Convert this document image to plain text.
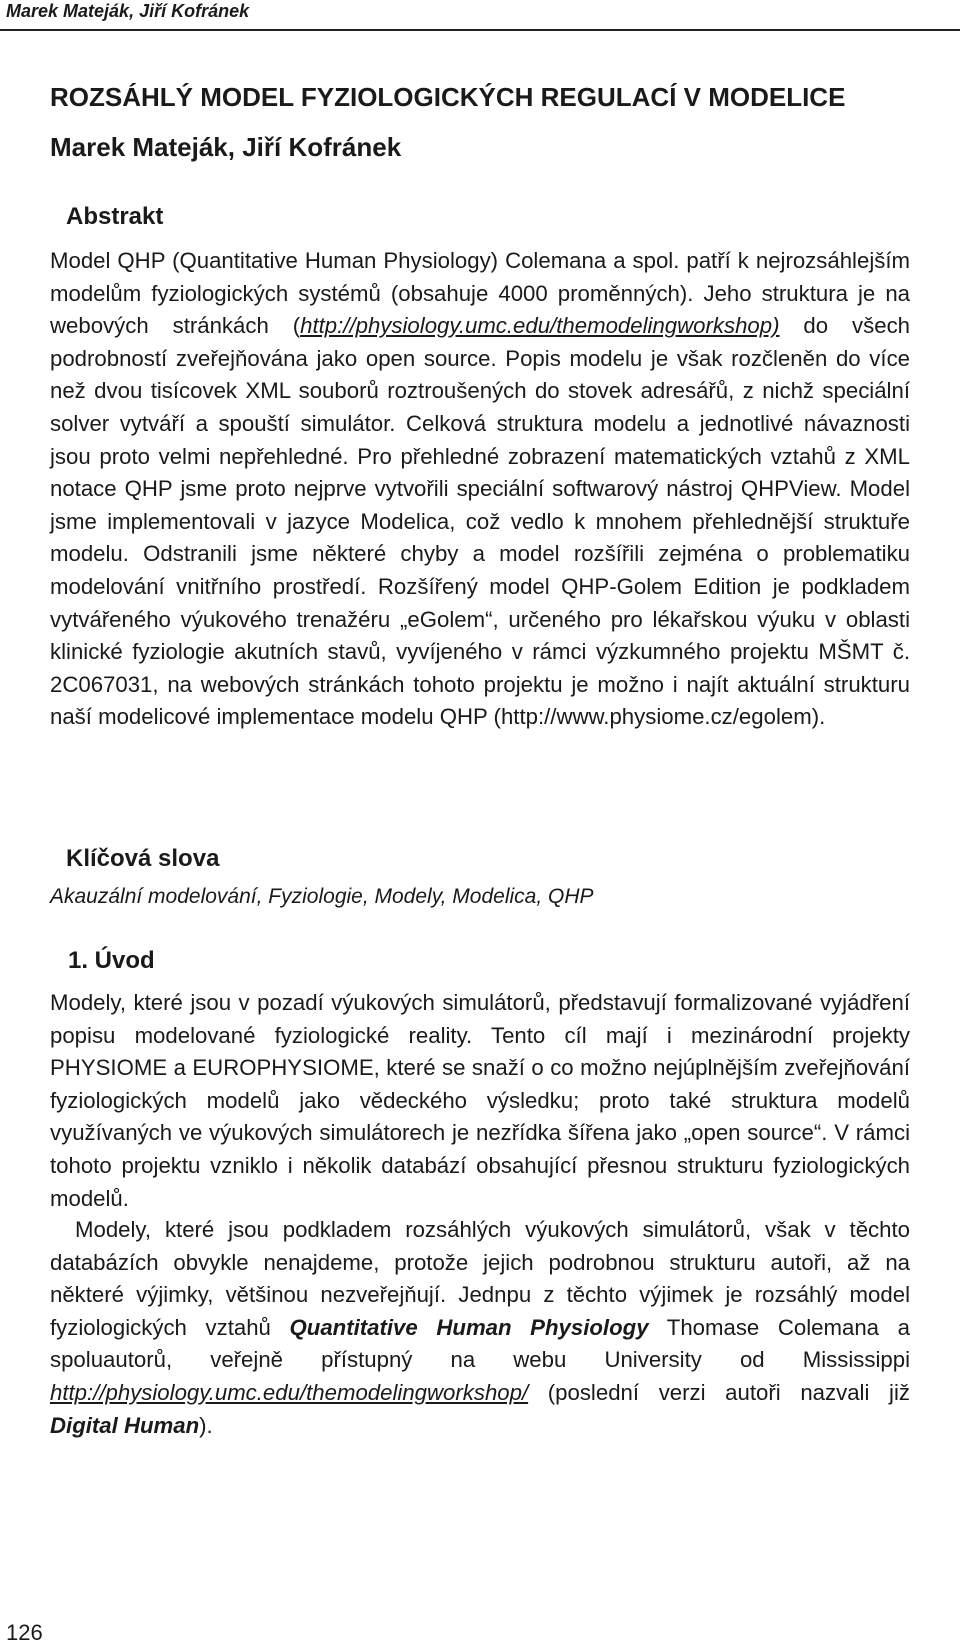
Marek Mateják, Jiří Kofránek
ROZSÁHLÝ MODEL FYZIOLOGICKÝCH REGULACÍ V MODELICE
Marek Mateják, Jiří Kofránek
Abstrakt

Model QHP (Quantitative Human Physiology) Colemana a spol. patří k nejrozsáhlejším modelům fyziologických systémů (obsahuje 4000 proměnných). Jeho struktura je na webových stránkách (http://physiology.umc.edu/themodelingworkshop) do všech podrobností zveřejňována jako open source. Popis modelu je však rozčleněn do více než dvou tisícovek XML souborů roztroušených do stovek adresářů, z nichž speciální solver vytváří a spouští simulátor. Celková struktura modelu a jednotlivé návaznosti jsou proto velmi nepřehledné. Pro přehledné zobrazení matematických vztahů z XML notace QHP jsme proto nejprve vytvořili speciální softwarový nástroj QHPView. Model jsme implementovali v jazyce Modelica, což vedlo k mnohem přehlednější struktuře modelu. Odstranili jsme některé chyby a model rozšířili zejména o problematiku modelování vnitřního prostředí. Rozšířený model QHP-Golem Edition je podkladem vytvářeného výukového trenažéru „eGolem“, určeného pro lékařskou výuku v oblasti klinické fyziologie akutních stavů, vyvíjeného v rámci výzkumného projektu MŠMT č. 2C067031, na webových stránkách tohoto projektu je možno i najít aktuální strukturu naší modelicové implementace modelu QHP (http://www.physiome.cz/egolem).

Klíčová slova
Akauzální modelování, Fyziologie, Modely, Modelica, QHP
1. Úvod

Modely, které jsou v pozadí výukových simulátorů, představují formalizované vyjádření popisu modelované fyziologické reality. Tento cíl mají i mezinárodní projekty PHYSIOME a EUROPHYSIOME, které se snaží o co možno nejúplnějším zveřejňování fyziologických modelů jako vědeckého výsledku; proto také struktura modelů využívaných ve výukových simulátorech je nezřídka šířena jako „open source“. V rámci tohoto projektu vzniklo i několik databází obsahující přesnou strukturu fyziologických modelů.

Modely, které jsou podkladem rozsáhlých výukových simulátorů, však v těchto databázích obvykle nenajdeme, protože jejich podrobnou strukturu autoři, až na některé výjimky, většinou nezveřejňují. Jednpu z těchto výjimek je rozsáhlý model fyziologických vztahů Quantitative Human Physiology Thomase Colemana a spoluautorů, veřejně přístupný na webu University od Mississippi http://physiology.umc.edu/themodelingworkshop/ (poslední verzi autoři nazvali již Digital Human).

126
